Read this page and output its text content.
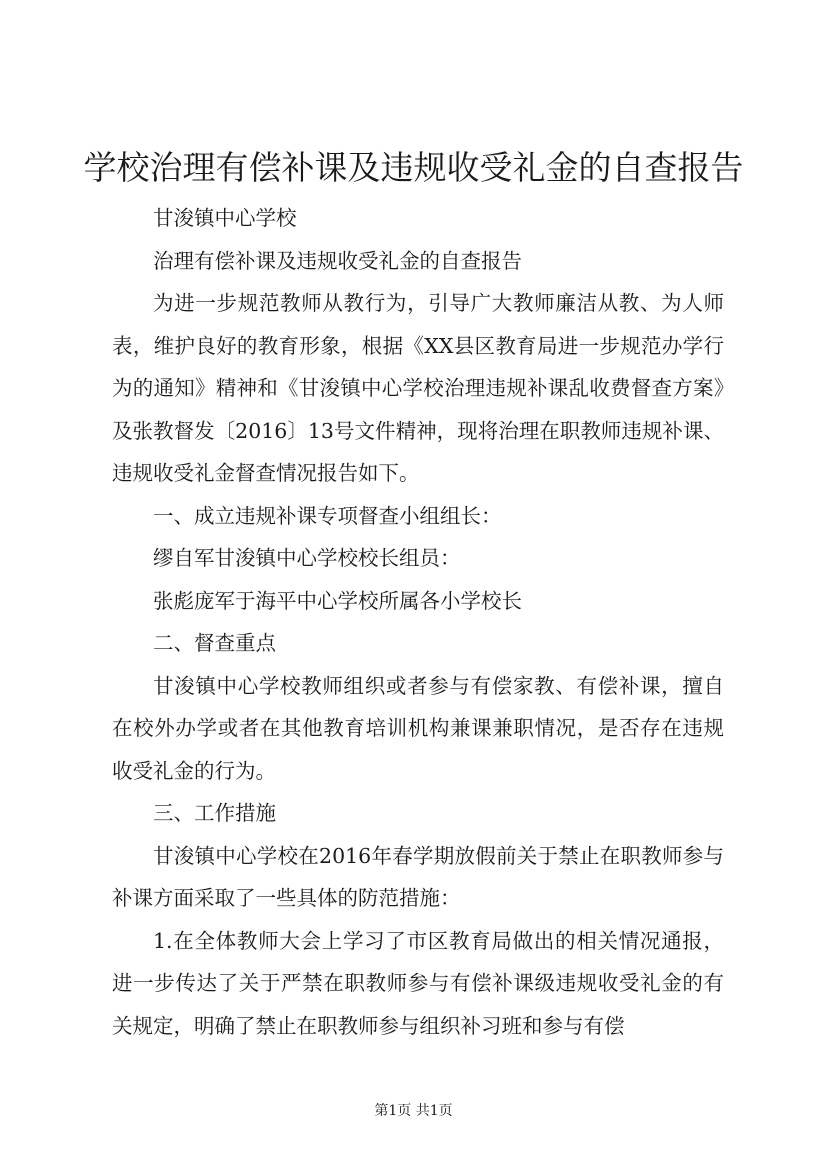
学校治理有偿补课及违规收受礼金的自查报告

甘浚镇中心学校

治理有偿补课及违规收受礼金的自查报告

为进一步规范教师从教行为，引导广大教师廉洁从教、为人师表，维护良好的教育形象，根据《XX县区教育局进一步规范办学行为的通知》精神和《甘浚镇中心学校治理违规补课乱收费督查方案》及张教督发〔2016〕13号文件精神，现将治理在职教师违规补课、违规收受礼金督查情况报告如下。

一、成立违规补课专项督查小组组长：

缪自军甘浚镇中心学校校长组员：

张彪庞军于海平中心学校所属各小学校长

二、督查重点

甘浚镇中心学校教师组织或者参与有偿家教、有偿补课，擅自在校外办学或者在其他教育培训机构兼课兼职情况，是否存在违规收受礼金的行为。

三、工作措施

甘浚镇中心学校在2016年春学期放假前关于禁止在职教师参与补课方面采取了一些具体的防范措施：

1.在全体教师大会上学习了市区教育局做出的相关情况通报，进一步传达了关于严禁在职教师参与有偿补课级违规收受礼金的有关规定，明确了禁止在职教师参与组织补习班和参与有偿

第1页 共1页
